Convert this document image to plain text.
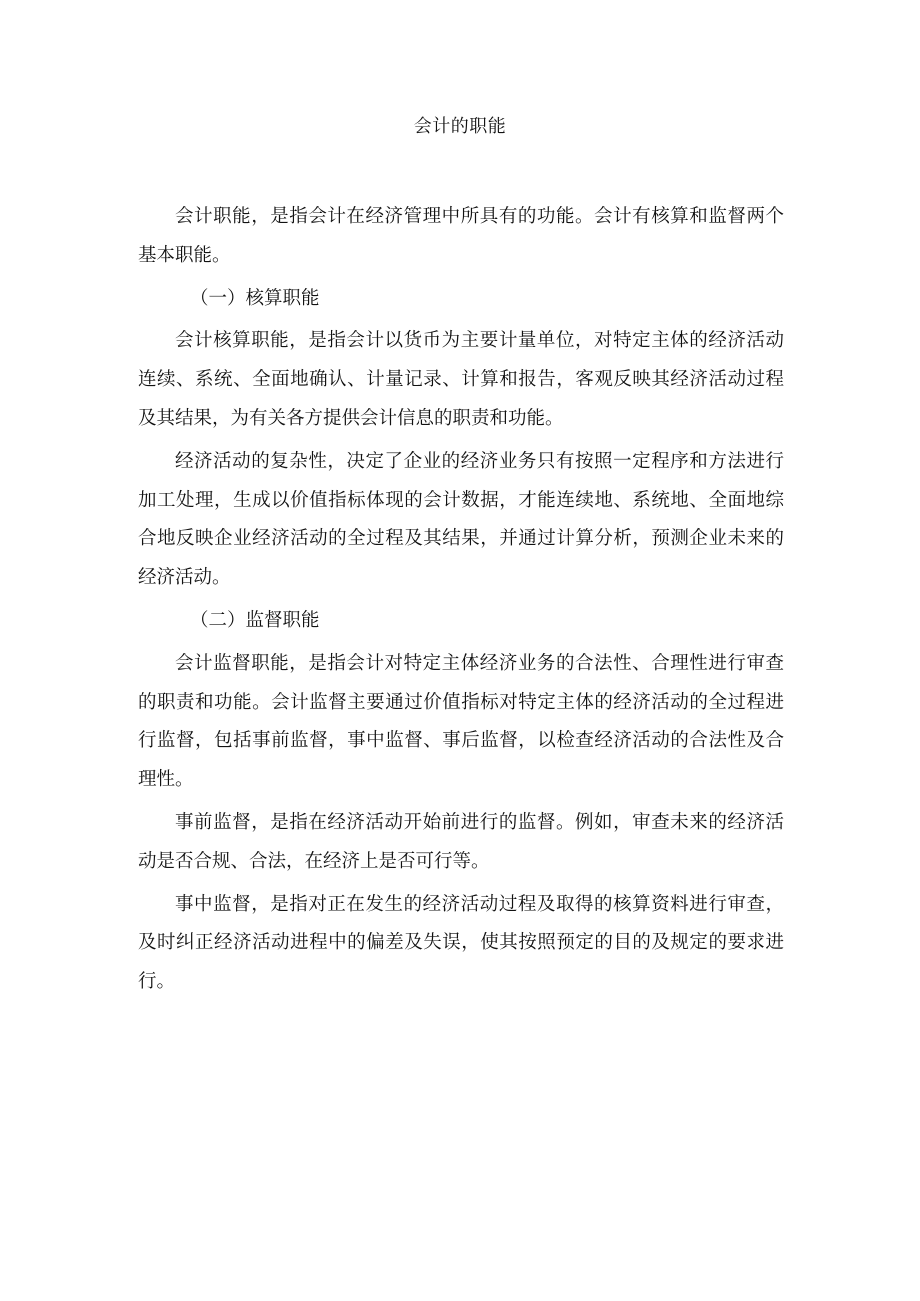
会计的职能

会计职能，是指会计在经济管理中所具有的功能。会计有核算和监督两个基本职能。

（一）核算职能

会计核算职能，是指会计以货币为主要计量单位，对特定主体的经济活动连续、系统、全面地确认、计量记录、计算和报告，客观反映其经济活动过程及其结果，为有关各方提供会计信息的职责和功能。

经济活动的复杂性，决定了企业的经济业务只有按照一定程序和方法进行加工处理，生成以价值指标体现的会计数据，才能连续地、系统地、全面地综合地反映企业经济活动的全过程及其结果，并通过计算分析，预测企业未来的经济活动。

（二）监督职能

会计监督职能，是指会计对特定主体经济业务的合法性、合理性进行审查的职责和功能。会计监督主要通过价值指标对特定主体的经济活动的全过程进行监督，包括事前监督，事中监督、事后监督，以检查经济活动的合法性及合理性。

事前监督，是指在经济活动开始前进行的监督。例如，审查未来的经济活动是否合规、合法，在经济上是否可行等。

事中监督，是指对正在发生的经济活动过程及取得的核算资料进行审查，及时纠正经济活动进程中的偏差及失误，使其按照预定的目的及规定的要求进行。
